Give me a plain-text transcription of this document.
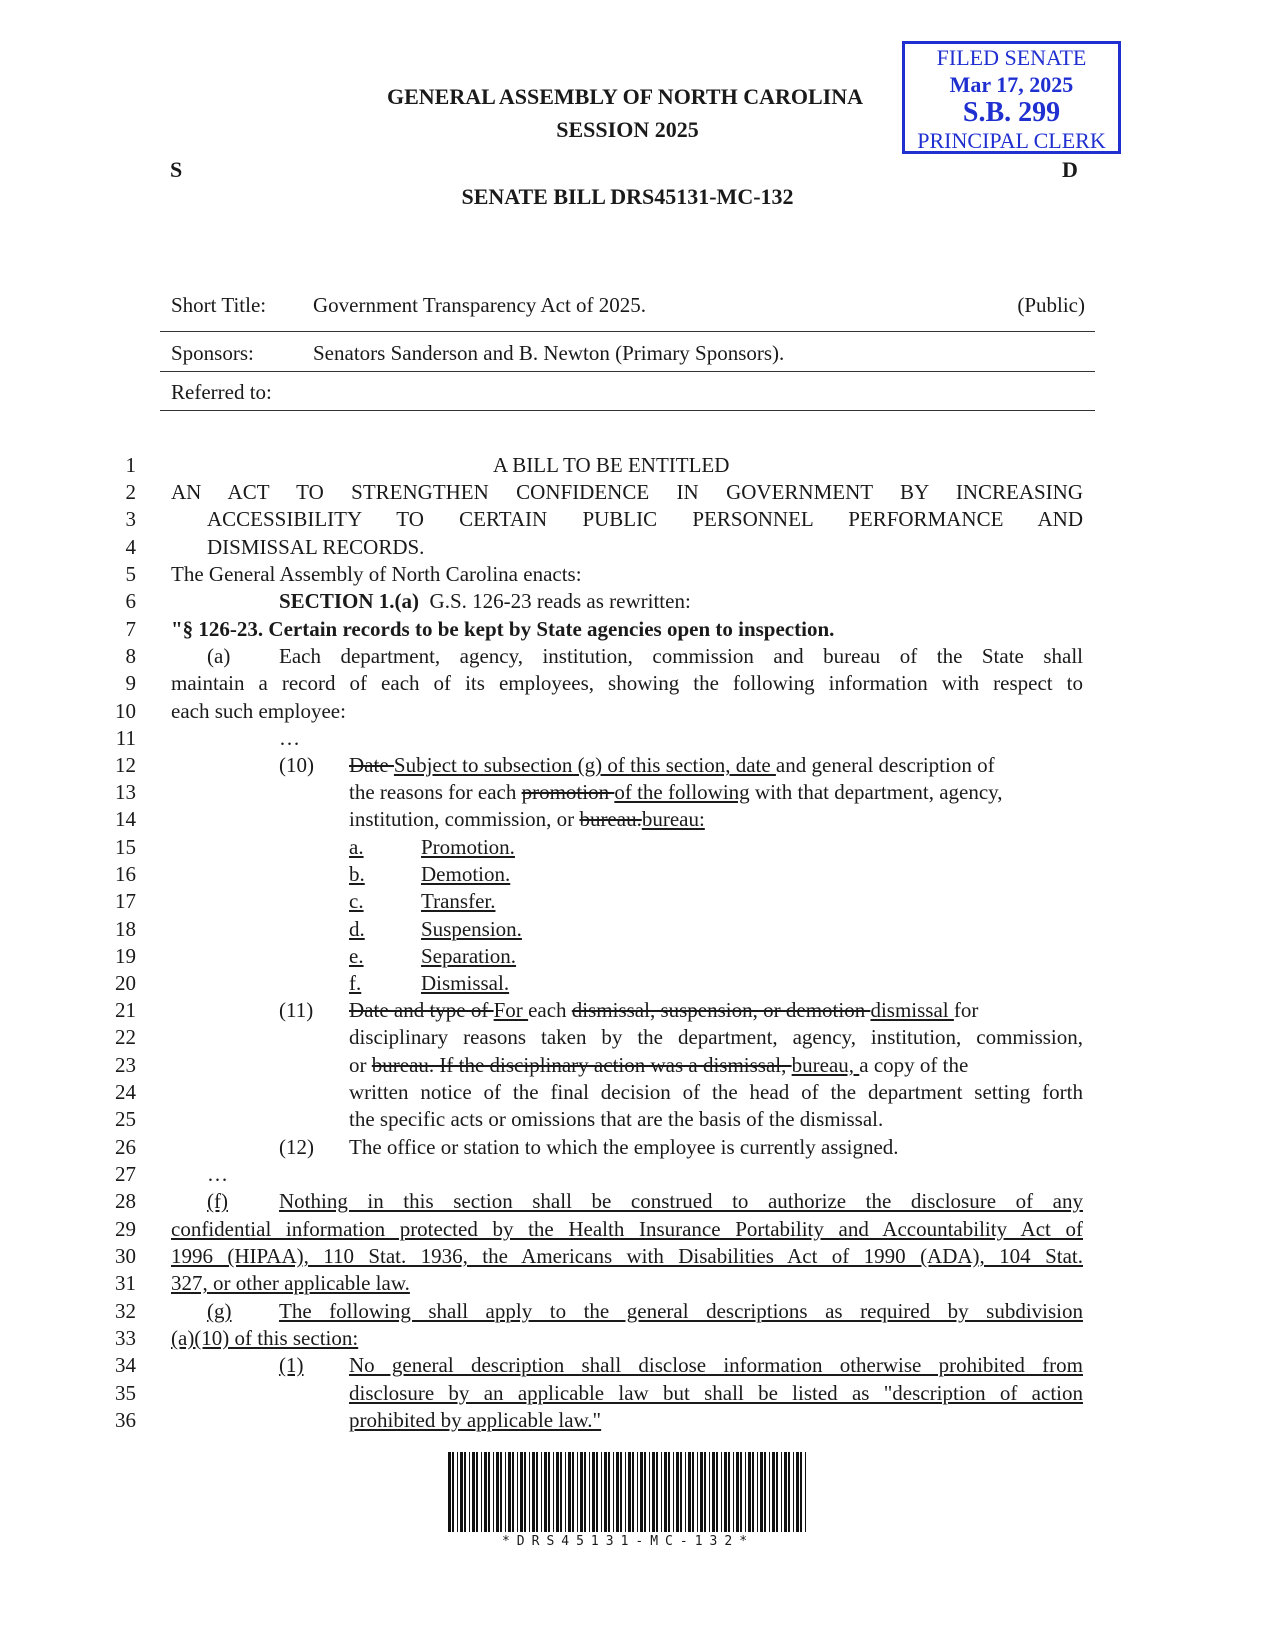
GENERAL ASSEMBLY OF NORTH CAROLINA
SESSION 2025
S	D
SENATE BILL DRS45131-MC-132
FILED SENATE
Mar 17, 2025
S.B. 299
PRINCIPAL CLERK
Short Title: Government Transparency Act of 2025.	(Public)
Sponsors:	Senators Sanderson and B. Newton (Primary Sponsors).
Referred to:
1
2
3
4
5
6
7
8
9
10
11
12
13
14
15
16
17
18
19
20
21
22
23
24
25
26
27
28
29
30
31
32
33
34
35
36
A BILL TO BE ENTITLED
AN ACT TO STRENGTHEN CONFIDENCE IN GOVERNMENT BY INCREASING
ACCESSIBILITY TO CERTAIN PUBLIC PERSONNEL PERFORMANCE AND
DISMISSAL RECORDS.
The General Assembly of North Carolina enacts:
SECTION 1.(a) G.S. 126-23 reads as rewritten:
"§ 126-23. Certain records to be kept by State agencies open to inspection.
(a) Each department, agency, institution, commission and bureau of the State shall
maintain a record of each of its employees, showing the following information with respect to
each such employee:
…
(10) Date Subject to subsection (g) of this section, date and general description of
the reasons for each promotion of the following with that department, agency,
institution, commission, or bureau.bureau:
a.	Promotion.
b.	Demotion.
c.	Transfer.
d.	Suspension.
e.	Separation.
f.	Dismissal.
(11) Date and type of For each dismissal, suspension, or demotion dismissal for
disciplinary reasons taken by the department, agency, institution, commission,
or bureau. If the disciplinary action was a dismissal, bureau, a copy of the
written notice of the final decision of the head of the department setting forth
the specific acts or omissions that are the basis of the dismissal.
(12) The office or station to which the employee is currently assigned.
…
(f) Nothing in this section shall be construed to authorize the disclosure of any
confidential information protected by the Health Insurance Portability and Accountability Act of
1996 (HIPAA), 110 Stat. 1936, the Americans with Disabilities Act of 1990 (ADA), 104 Stat.
327, or other applicable law.
(g) The following shall apply to the general descriptions as required by subdivision
(a)(10) of this section:
(1) No general description shall disclose information otherwise prohibited from
disclosure by an applicable law but shall be listed as "description of action
prohibited by applicable law."
*DRS45131-MC-132*
